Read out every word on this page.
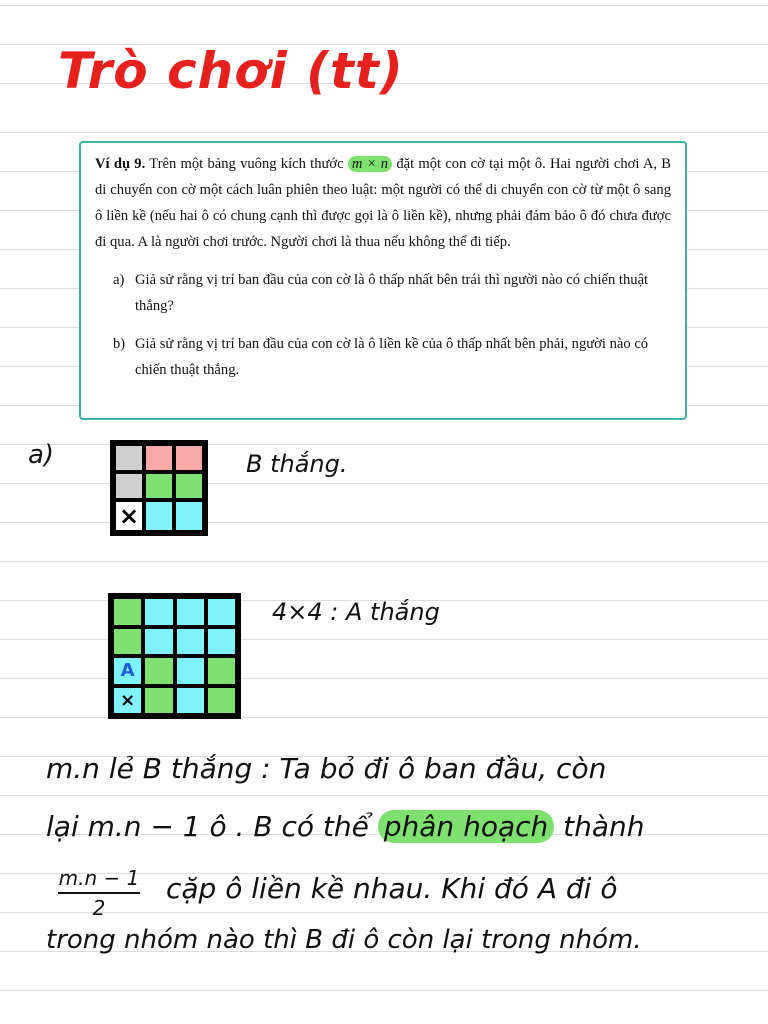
Trò chơi (tt)

Ví dụ 9. Trên một bảng vuông kích thước m × n đặt một con cờ tại một ô. Hai người chơi A, B di chuyển con cờ một cách luân phiên theo luật: một người có thể di chuyển con cờ từ một ô sang ô liền kề (nếu hai ô có chung cạnh thì được gọi là ô liền kề), nhưng phải đảm bảo ô đó chưa được đi qua. A là người chơi trước. Người chơi là thua nếu không thể đi tiếp.

a) Giả sử rằng vị trí ban đầu của con cờ là ô thấp nhất bên trái thì người nào có chiến thuật thắng?
b) Giả sử rằng vị trí ban đầu của con cờ là ô liền kề của ô thấp nhất bên phải, người nào có chiến thuật thắng.
a)
×
B thắng.
A
×
4×4 : A thắng
m.n lẻ B thắng : Ta bỏ đi ô ban đầu, còn
lại m.n − 1 ô . B có thể phân hoạch thành
m.n − 1
2
cặp ô liền kề nhau. Khi đó A đi ô
trong nhóm nào thì B đi ô còn lại trong nhóm.
